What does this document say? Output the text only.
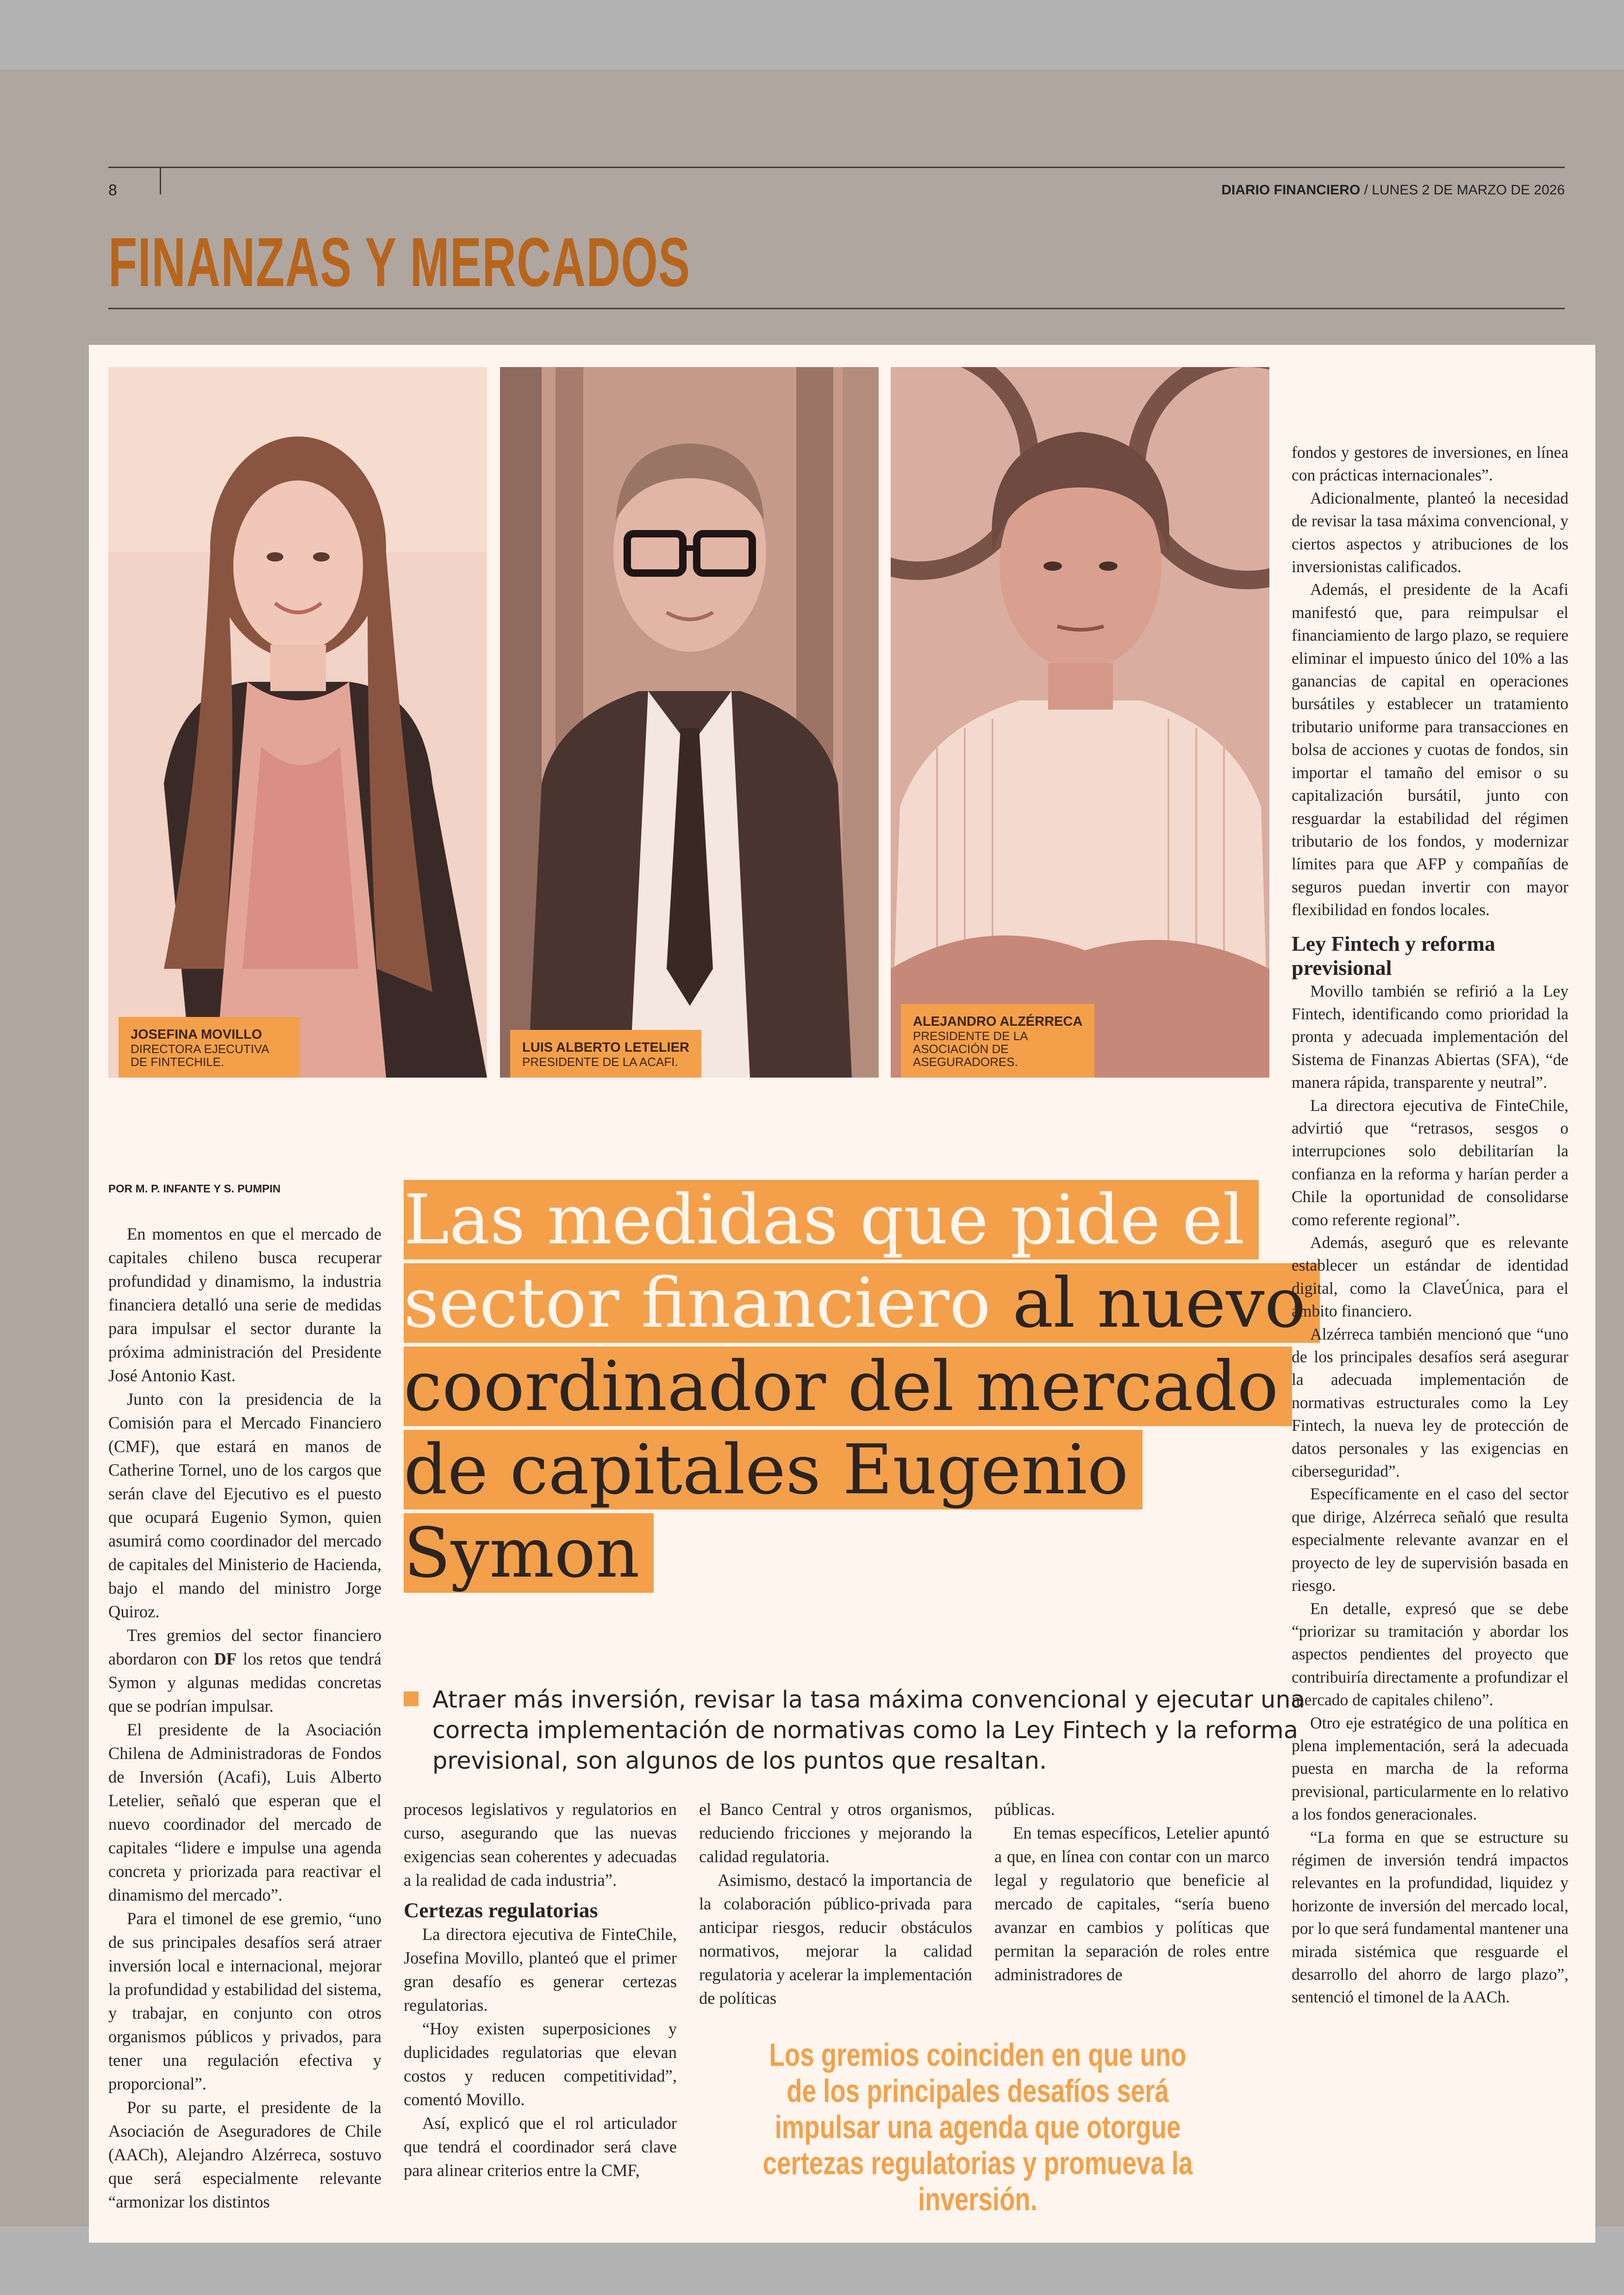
8	DIARIO FINANCIERO / LUNES 2 DE MARZO DE 2026
FINANZAS Y MERCADOS
JOSEFINA MOVILLO
DIRECTORA EJECUTIVA DE FINTECHILE.
LUIS ALBERTO LETELIER
PRESIDENTE DE LA ACAFI.
ALEJANDRO ALZÉRRECA
PRESIDENTE DE LA ASOCIACIÓN DE ASEGURADORES.
POR M. P. INFANTE Y S. PUMPIN Las medidas que pide el sector financiero al nuevo coordinador del mercado de capitales Eugenio Symon
Atraer más inversión, revisar la tasa máxima convencional y ejecutar una correcta implementación de normativas como la Ley Fintech y la reforma previsional, son algunos de los puntos que resaltan.

En momentos en que el mercado de capitales chileno busca recuperar profundidad y dinamismo, la industria financiera detalló una serie de medidas para impulsar el sector durante la próxima administración del Presidente José Antonio Kast.

Junto con la presidencia de la Comisión para el Mercado Financiero (CMF), que estará en manos de Catherine Tornel, uno de los cargos que serán clave del Ejecutivo es el puesto que ocupará Eugenio Symon, quien asumirá como coordinador del mercado de capitales del Ministerio de Hacienda, bajo el mando del ministro Jorge Quiroz.

Tres gremios del sector financiero abordaron con DF los retos que tendrá Symon y algunas medidas concretas que se podrían impulsar.

El presidente de la Asociación Chilena de Administradoras de Fondos de Inversión (Acafi), Luis Alberto Letelier, señaló que esperan que el nuevo coordinador del mercado de capitales “lidere e impulse una agenda concreta y priorizada para reactivar el dinamismo del mercado”.

Para el timonel de ese gremio, “uno de sus principales desafíos será atraer inversión local e internacional, mejorar la profundidad y estabilidad del sistema, y trabajar, en conjunto con otros organismos públicos y privados, para tener una regulación efectiva y proporcional”.

Por su parte, el presidente de la Asociación de Aseguradores de Chile (AACh), Alejandro Alzérreca, sostuvo que será especialmente relevante “armonizar los distintos

procesos legislativos y regulatorios en curso, asegurando que las nuevas exigencias sean coherentes y adecuadas a la realidad de cada industria”.

Certezas regulatorias

La directora ejecutiva de FinteChile, Josefina Movillo, planteó que el primer gran desafío es generar certezas regulatorias.

“Hoy existen superposiciones y duplicidades regulatorias que elevan costos y reducen competitividad”, comentó Movillo.

Así, explicó que el rol articulador que tendrá el coordinador será clave para alinear criterios entre la CMF,

el Banco Central y otros organismos, reduciendo fricciones y mejorando la calidad regulatoria.

Asimismo, destacó la importancia de la colaboración público-privada para anticipar riesgos, reducir obstáculos normativos, mejorar la calidad regulatoria y acelerar la implementación de políticas

públicas.

En temas específicos, Letelier apuntó a que, en línea con contar con un marco legal y regulatorio que beneficie al mercado de capitales, “sería bueno avanzar en cambios y políticas que permitan la separación de roles entre administradores de

Los gremios coinciden en que uno de los principales desafíos será impulsar una agenda que otorgue certezas regulatorias y promueva la inversión.

fondos y gestores de inversiones, en línea con prácticas internacionales”.

Adicionalmente, planteó la necesidad de revisar la tasa máxima convencional, y ciertos aspectos y atribuciones de los inversionistas calificados.

Además, el presidente de la Acafi manifestó que, para reimpulsar el financiamiento de largo plazo, se requiere eliminar el impuesto único del 10% a las ganancias de capital en operaciones bursátiles y establecer un tratamiento tributario uniforme para transacciones en bolsa de acciones y cuotas de fondos, sin importar el tamaño del emisor o su capitalización bursátil, junto con resguardar la estabilidad del régimen tributario de los fondos, y modernizar límites para que AFP y compañías de seguros puedan invertir con mayor flexibilidad en fondos locales.

Ley Fintech y reforma previsional

Movillo también se refirió a la Ley Fintech, identificando como prioridad la pronta y adecuada implementación del Sistema de Finanzas Abiertas (SFA), “de manera rápida, transparente y neutral”.

La directora ejecutiva de FinteChile, advirtió que “retrasos, sesgos o interrupciones solo debilitarían la confianza en la reforma y harían perder a Chile la oportunidad de consolidarse como referente regional”.

Además, aseguró que es relevante establecer un estándar de identidad digital, como la ClaveÚnica, para el ámbito financiero.

Alzérreca también mencionó que “uno de los principales desafíos será asegurar la adecuada implementación de normativas estructurales como la Ley Fintech, la nueva ley de protección de datos personales y las exigencias en ciberseguridad”.

Específicamente en el caso del sector que dirige, Alzérreca señaló que resulta especialmente relevante avanzar en el proyecto de ley de supervisión basada en riesgo.

En detalle, expresó que se debe “priorizar su tramitación y abordar los aspectos pendientes del proyecto que contribuiría directamente a profundizar el mercado de capitales chileno”.

Otro eje estratégico de una política en plena implementación, será la adecuada puesta en marcha de la reforma previsional, particularmente en lo relativo a los fondos generacionales.

“La forma en que se estructure su régimen de inversión tendrá impactos relevantes en la profundidad, liquidez y horizonte de inversión del mercado local, por lo que será fundamental mantener una mirada sistémica que resguarde el desarrollo del ahorro de largo plazo”, sentenció el timonel de la AACh.
